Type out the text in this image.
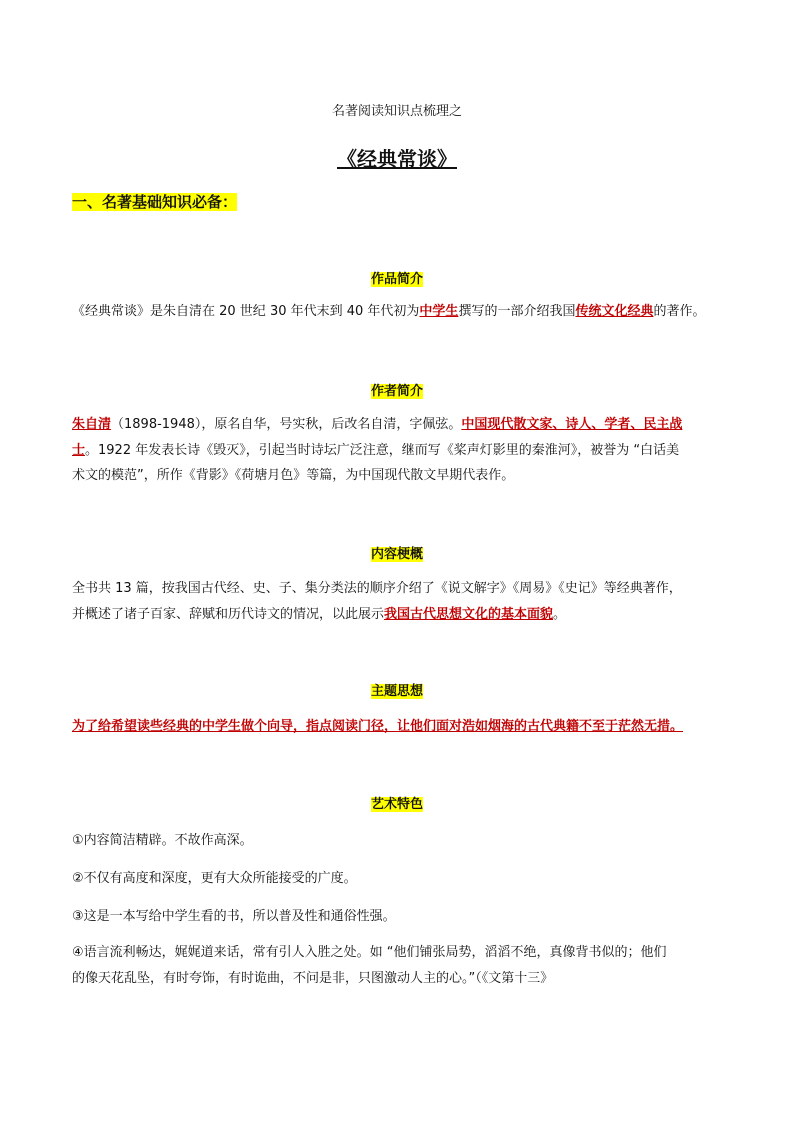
名著阅读知识点梳理之
《经典常谈》
一、名著基础知识必备：
作品简介
《经典常谈》是朱自清在 20 世纪 30 年代末到 40 年代初为中学生撰写的一部介绍我国传统文化经典的著作。
作者简介
朱自清（1898-1948），原名自华，号实秋，后改名自清，字佩弦。中国现代散文家、诗人、学者、民主战
士。1922 年发表长诗《毁灭》，引起当时诗坛广泛注意，继而写《桨声灯影里的秦淮河》，被誉为 “白话美
术文的模范”，所作《背影》《荷塘月色》等篇，为中国现代散文早期代表作。
内容梗概
全书共 13 篇，按我国古代经、史、子、集分类法的顺序介绍了《说文解字》《周易》《史记》等经典著作，
并概述了诸子百家、辞赋和历代诗文的情况，以此展示我国古代思想文化的基本面貌。
主题思想
为了给希望读些经典的中学生做个向导，指点阅读门径，让他们面对浩如烟海的古代典籍不至于茫然无措。
艺术特色
①内容简洁精辟。不故作高深。
②不仅有高度和深度，更有大众所能接受的广度。
③这是一本写给中学生看的书，所以普及性和通俗性强。
④语言流利畅达，娓娓道来话，常有引人入胜之处。如 “他们铺张局势，滔滔不绝，真像背书似的；他们
的像天花乱坠，有时夸饰，有时诡曲，不问是非，只图激动人主的心。”（《文第十三》
